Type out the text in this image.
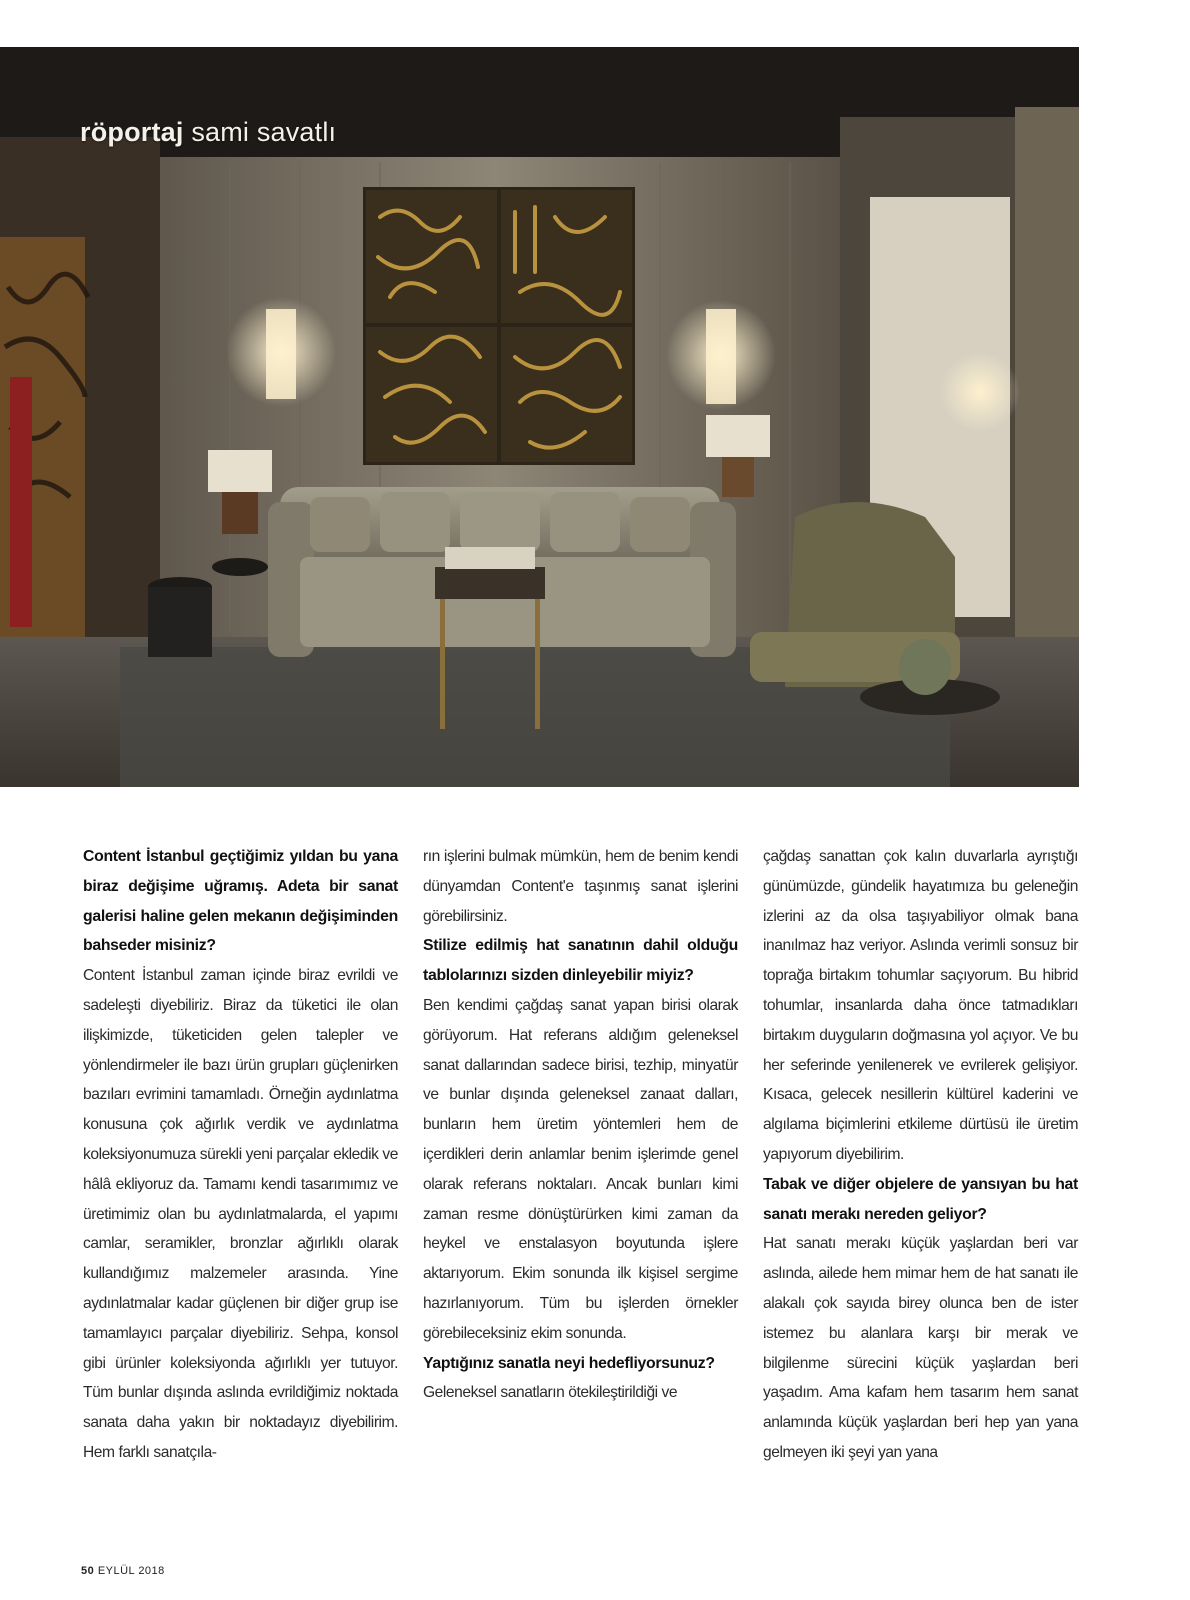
röportaj sami savatlı

Content İstanbul geçtiğimiz yıldan bu yana biraz değişime uğramış. Adeta bir sanat galerisi haline gelen mekanın değişiminden bahseder misiniz?

Content İstanbul zaman içinde biraz evrildi ve sadeleşti diyebiliriz. Biraz da tüketici ile olan ilişkimizde, tüketiciden gelen talepler ve yönlendirmeler ile bazı ürün grupları güçlenirken bazıları evrimini tamamladı. Örneğin aydınlatma konusuna çok ağırlık verdik ve aydınlatma koleksiyonumuza sürekli yeni parçalar ekledik ve hâlâ ekliyoruz da. Tamamı kendi tasarımımız ve üretimimiz olan bu aydınlatmalarda, el yapımı camlar, seramikler, bronzlar ağırlıklı olarak kullandığımız malzemeler arasında. Yine aydınlatmalar kadar güçlenen bir diğer grup ise tamamlayıcı parçalar diyebiliriz. Sehpa, konsol gibi ürünler koleksiyonda ağırlıklı yer tutuyor. Tüm bunlar dışında aslında evrildiğimiz noktada sanata daha yakın bir noktadayız diyebilirim. Hem farklı sanatçıla-

rın işlerini bulmak mümkün, hem de benim kendi dünyamdan Content'e taşınmış sanat işlerini görebilirsiniz.

Stilize edilmiş hat sanatının dahil olduğu tablolarınızı sizden dinleyebilir miyiz?

Ben kendimi çağdaş sanat yapan birisi olarak görüyorum. Hat referans aldığım geleneksel sanat dallarından sadece birisi, tezhip, minyatür ve bunlar dışında geleneksel zanaat dalları, bunların hem üretim yöntemleri hem de içerdikleri derin anlamlar benim işlerimde genel olarak referans noktaları. Ancak bunları kimi zaman resme dönüştürürken kimi zaman da heykel ve enstalasyon boyutunda işlere aktarıyorum. Ekim sonunda ilk kişisel sergime hazırlanıyorum. Tüm bu işlerden örnekler görebileceksiniz ekim sonunda.

Yaptığınız sanatla neyi hedefliyorsunuz?

Geleneksel sanatların ötekileştirildiği ve

çağdaş sanattan çok kalın duvarlarla ayrıştığı günümüzde, gündelik hayatımıza bu geleneğin izlerini az da olsa taşıyabiliyor olmak bana inanılmaz haz veriyor. Aslında verimli sonsuz bir toprağa birtakım tohumlar saçıyorum. Bu hibrid tohumlar, insanlarda daha önce tatmadıkları birtakım duyguların doğmasına yol açıyor. Ve bu her seferinde yenilenerek ve evrilerek gelişiyor. Kısaca, gelecek nesillerin kültürel kaderini ve algılama biçimlerini etkileme dürtüsü ile üretim yapıyorum diyebilirim.

Tabak ve diğer objelere de yansıyan bu hat sanatı merakı nereden geliyor?

Hat sanatı merakı küçük yaşlardan beri var aslında, ailede hem mimar hem de hat sanatı ile alakalı çok sayıda birey olunca ben de ister istemez bu alanlara karşı bir merak ve bilgilenme sürecini küçük yaşlardan beri yaşadım. Ama kafam hem tasarım hem sanat anlamında küçük yaşlardan beri hep yan yana gelmeyen iki şeyi yan yana

50 EYLÜL 2018
